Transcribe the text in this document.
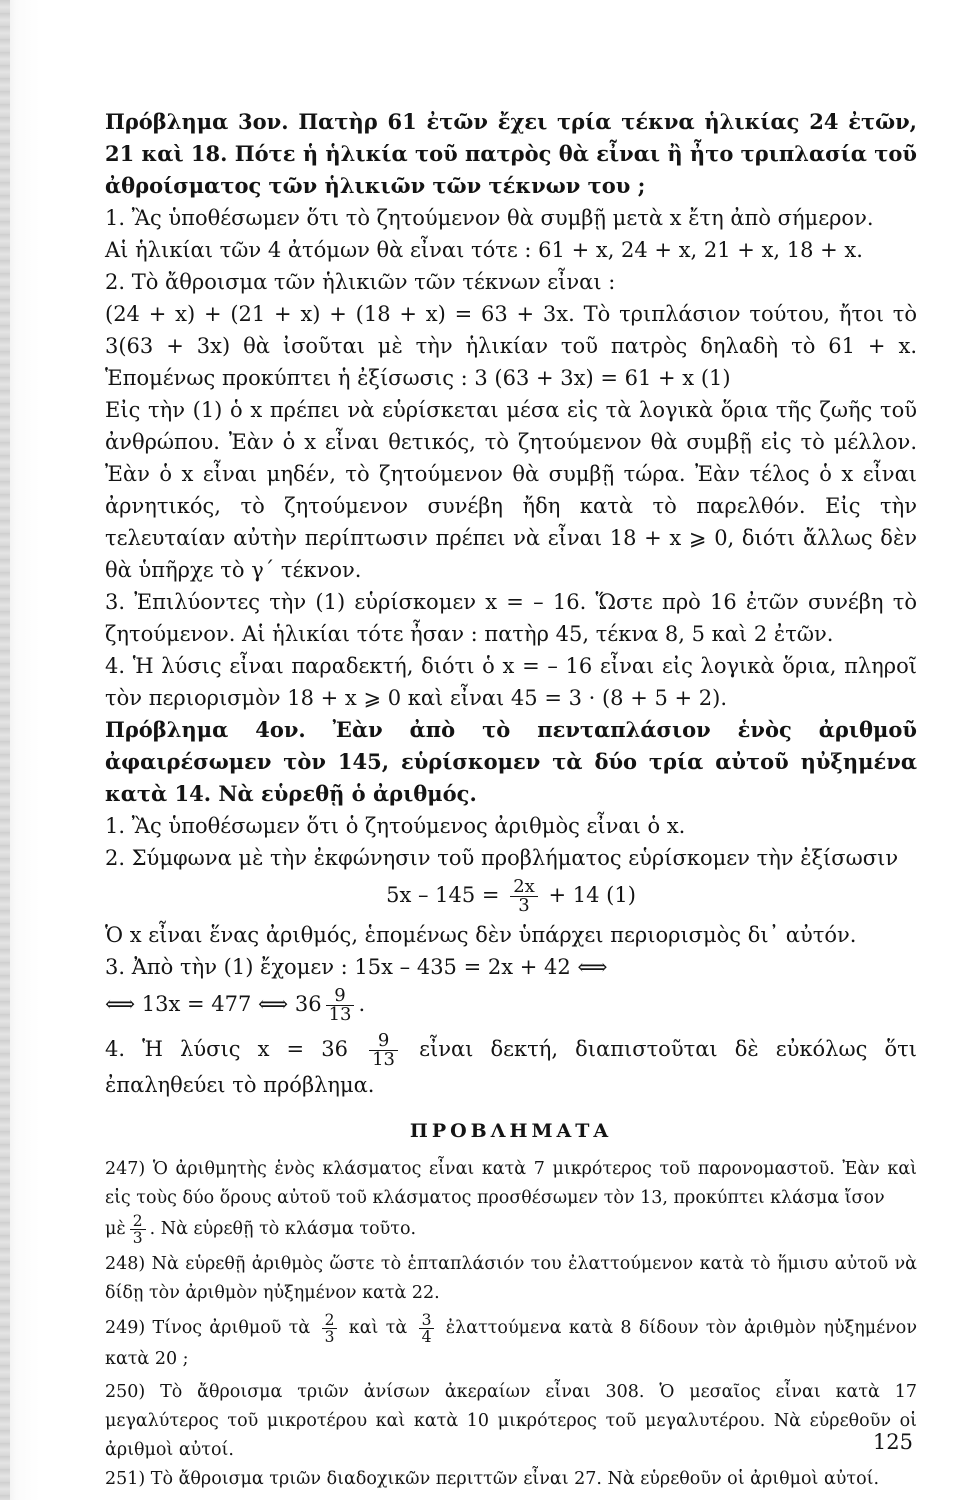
Πρόβλημα 3ον. Πατὴρ 61 ἐτῶν ἔχει τρία τέκνα ἡλικίας 24 ἐτῶν, 21 καὶ 18. Πότε ἡ ἡλικία τοῦ πατρὸς θὰ εἶναι ἢ ἦτο τριπλασία τοῦ ἀθροίσματος τῶν ἡλικιῶν τῶν τέκνων του ;

1. Ἂς ὑποθέσωμεν ὅτι τὸ ζητούμενον θὰ συμβῇ μετὰ x ἔτη ἀπὸ σήμερον.

Αἱ ἡλικίαι τῶν 4 ἀτόμων θὰ εἶναι τότε : 61 + x, 24 + x, 21 + x, 18 + x.

2. Τὸ ἄθροισμα τῶν ἡλικιῶν τῶν τέκνων εἶναι :

(24 + x) + (21 + x) + (18 + x) = 63 + 3x. Τὸ τριπλάσιον τούτου, ἤτοι τὸ 3(63 + 3x) θὰ ἰσοῦται μὲ τὴν ἡλικίαν τοῦ πατρὸς δηλαδὴ τὸ 61 + x. Ἑπομένως προκύπτει ἡ ἐξίσωσις : 3 (63 + 3x) = 61 + x (1)

Εἰς τὴν (1) ὁ x πρέπει νὰ εὑρίσκεται μέσα εἰς τὰ λογικὰ ὅρια τῆς ζωῆς τοῦ ἀνθρώπου. Ἐὰν ὁ x εἶναι θετικός, τὸ ζητούμενον θὰ συμβῇ εἰς τὸ μέλλον. Ἐὰν ὁ x εἶναι μηδέν, τὸ ζητούμενον θὰ συμβῇ τώρα. Ἐὰν τέλος ὁ x εἶναι ἀρνητικός, τὸ ζητούμενον συνέβη ἤδη κατὰ τὸ παρελθόν. Εἰς τὴν τελευταίαν αὐτὴν περίπτωσιν πρέπει νὰ εἶναι 18 + x ⩾ 0, διότι ἄλλως δὲν θὰ ὑπῆρχε τὸ γ΄ τέκνον.

3. Ἐπιλύοντες τὴν (1) εὑρίσκομεν x = – 16. Ὥστε πρὸ 16 ἐτῶν συνέβη τὸ ζητούμενον. Αἱ ἡλικίαι τότε ἦσαν : πατὴρ 45, τέκνα 8, 5 καὶ 2 ἐτῶν.

4. Ἡ λύσις εἶναι παραδεκτή, διότι ὁ x = – 16 εἶναι εἰς λογικὰ ὅρια, πληροῖ τὸν περιορισμὸν 18 + x ⩾ 0 καὶ εἶναι 45 = 3 · (8 + 5 + 2).

Πρόβλημα 4ον. Ἐὰν ἀπὸ τὸ πενταπλάσιον ἑνὸς ἀριθμοῦ ἀφαιρέσωμεν τὸν 145, εὑρίσκομεν τὰ δύο τρία αὐτοῦ ηὐξημένα κατὰ 14. Νὰ εὑρεθῇ ὁ ἀριθμός.

1. Ἂς ὑποθέσωμεν ὅτι ὁ ζητούμενος ἀριθμὸς εἶναι ὁ x.

2. Σύμφωνα μὲ τὴν ἐκφώνησιν τοῦ προβλήματος εὑρίσκομεν τὴν ἐξίσωσιν

$5x - 145 = \frac{2x}{3} + 14$ (1)

Ὁ x εἶναι ἕνας ἀριθμός, ἑπομένως δὲν ὑπάρχει περιορισμὸς δι᾽ αὐτόν.

3. Ἀπὸ τὴν (1) ἔχομεν : 15x – 435 = 2x + 42 ⟺

⟺ 13x = 477 ⟺ $36 \frac{9}{13}$ .

4. Ἡ λύσις $x = 36 \frac{9}{13}$ εἶναι δεκτή, διαπιστοῦται δὲ εὐκόλως ὅτι ἐπαληθεύει τὸ πρόβλημα.

ΠΡΟΒΛΗΜΑΤΑ

247) Ὁ ἀριθμητὴς ἑνὸς κλάσματος εἶναι κατὰ 7 μικρότερος τοῦ παρονομαστοῦ. Ἐὰν καὶ εἰς τοὺς δύο ὅρους αὐτοῦ τοῦ κλάσματος προσθέσωμεν τὸν 13, προκύπτει κλάσμα ἴσον

μὲ $\frac{2}{3}$ . Νὰ εὑρεθῇ τὸ κλάσμα τοῦτο.

248) Νὰ εὑρεθῇ ἀριθμὸς ὥστε τὸ ἑπταπλάσιόν του ἐλαττούμενον κατὰ τὸ ἥμισυ αὐτοῦ νὰ δίδῃ τὸν ἀριθμὸν ηὐξημένον κατὰ 22.

249) Τίνος ἀριθμοῦ τὰ $\frac{2}{3}$ καὶ τὰ $\frac{3}{4}$ ἐλαττούμενα κατὰ 8 δίδουν τὸν ἀριθμὸν ηὐξημένον κατὰ 20 ;

250) Τὸ ἄθροισμα τριῶν ἀνίσων ἀκεραίων εἶναι 308. Ὁ μεσαῖος εἶναι κατὰ 17 μεγαλύτερος τοῦ μικροτέρου καὶ κατὰ 10 μικρότερος τοῦ μεγαλυτέρου. Νὰ εὑρεθοῦν οἱ ἀριθμοὶ αὐτοί.

251) Τὸ ἄθροισμα τριῶν διαδοχικῶν περιττῶν εἶναι 27. Νὰ εὑρεθοῦν οἱ ἀριθμοὶ αὐτοί.

125
